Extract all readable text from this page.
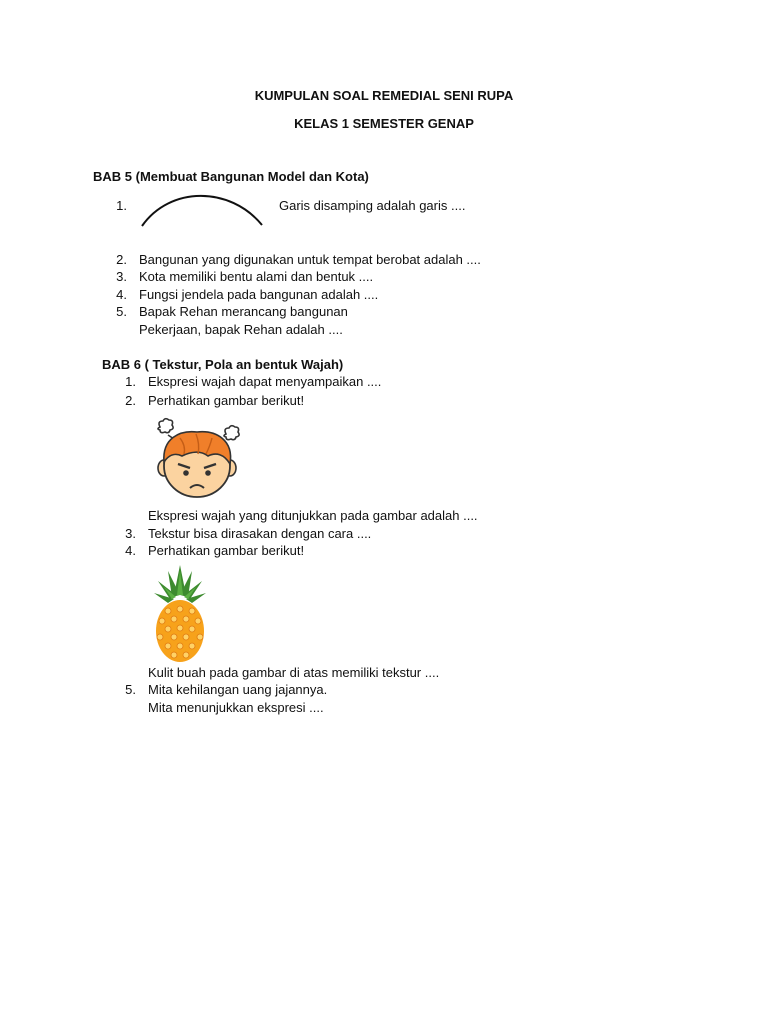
KUMPULAN SOAL REMEDIAL SENI RUPA
KELAS 1 SEMESTER GENAP
BAB 5 (Membuat Bangunan Model dan Kota)
1.	Garis disamping adalah garis ....
2. Bangunan yang digunakan untuk tempat berobat adalah ....
3. Kota memiliki bentu alami dan bentuk ....
4. Fungsi jendela pada bangunan adalah ....
5. Bapak Rehan merancang bangunan
Pekerjaan, bapak Rehan adalah ....
BAB 6 ( Tekstur, Pola an bentuk Wajah)
1. Ekspresi wajah dapat menyampaikan ....
2. Perhatikan gambar berikut!
Ekspresi wajah yang ditunjukkan pada gambar adalah ....
3. Tekstur bisa dirasakan dengan cara ....
4. Perhatikan gambar berikut!
Kulit buah pada gambar di atas memiliki tekstur ....
5. Mita kehilangan uang jajannya.
Mita menunjukkan ekspresi ....
